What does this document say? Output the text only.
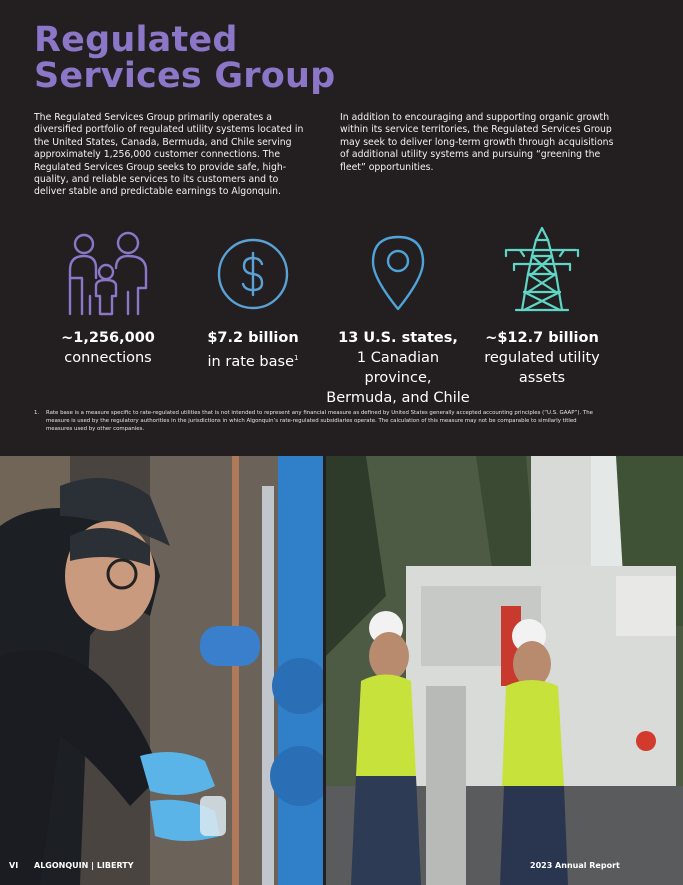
Regulated
Services Group

The Regulated Services Group primarily operates a diversified portfolio of regulated utility systems located in the United States, Canada, Bermuda, and Chile serving approximately 1,256,000 customer connections. The Regulated Services Group seeks to provide safe, high-quality, and reliable services to its customers and to deliver stable and predictable earnings to Algonquin.

In addition to encouraging and supporting organic growth within its service territories, the Regulated Services Group may seek to deliver long-term growth through acquisitions of additional utility systems and pursuing “greening the fleet” opportunities.

~1,256,000
connections
$7.2 billion
in rate base$^1$
13 U.S. states,
1 Canadian province,
Bermuda, and Chile
~$12.7 billion
regulated utility
assets
1. Rate base is a measure specific to rate-regulated utilities that is not intended to represent any financial measure as defined by United States generally accepted accounting principles (“U.S. GAAP”). The measure is used by the regulatory authorities in the jurisdictions in which Algonquin’s rate-regulated subsidiaries operate. The calculation of this measure may not be comparable to similarly titled measures used by other companies.
VI ALGONQUIN | LIBERTY	2023 Annual Report
